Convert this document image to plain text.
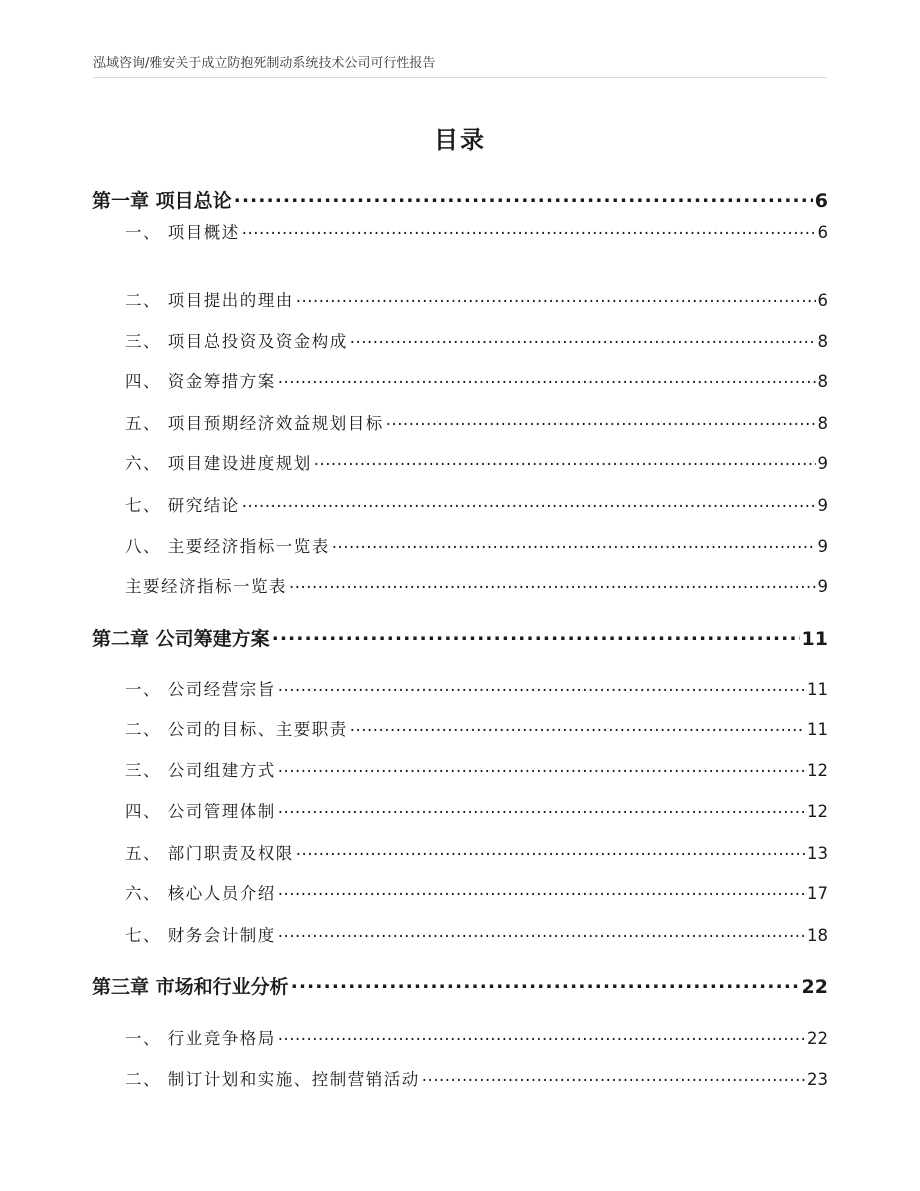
泓域咨询/雅安关于成立防抱死制动系统技术公司可行性报告
目录
第一章 项目总论 .....	6
一、 项目概述 .....	6
二、 项目提出的理由 .....	6
三、 项目总投资及资金构成 .....	8
四、 资金筹措方案 .....	8
五、 项目预期经济效益规划目标 .....	8
六、 项目建设进度规划 .....	9
七、 研究结论 .....	9
八、 主要经济指标一览表 .....	9
主要经济指标一览表 .....	9
第二章 公司筹建方案 .....	11
一、 公司经营宗旨 .....	11
二、 公司的目标、主要职责 .....	11
三、 公司组建方式 .....	12
四、 公司管理体制 .....	12
五、 部门职责及权限 .....	13
六、 核心人员介绍 .....	17
七、 财务会计制度 .....	18
第三章 市场和行业分析 .....	22
一、 行业竞争格局 .....	22
二、 制订计划和实施、控制营销活动 .....	23
